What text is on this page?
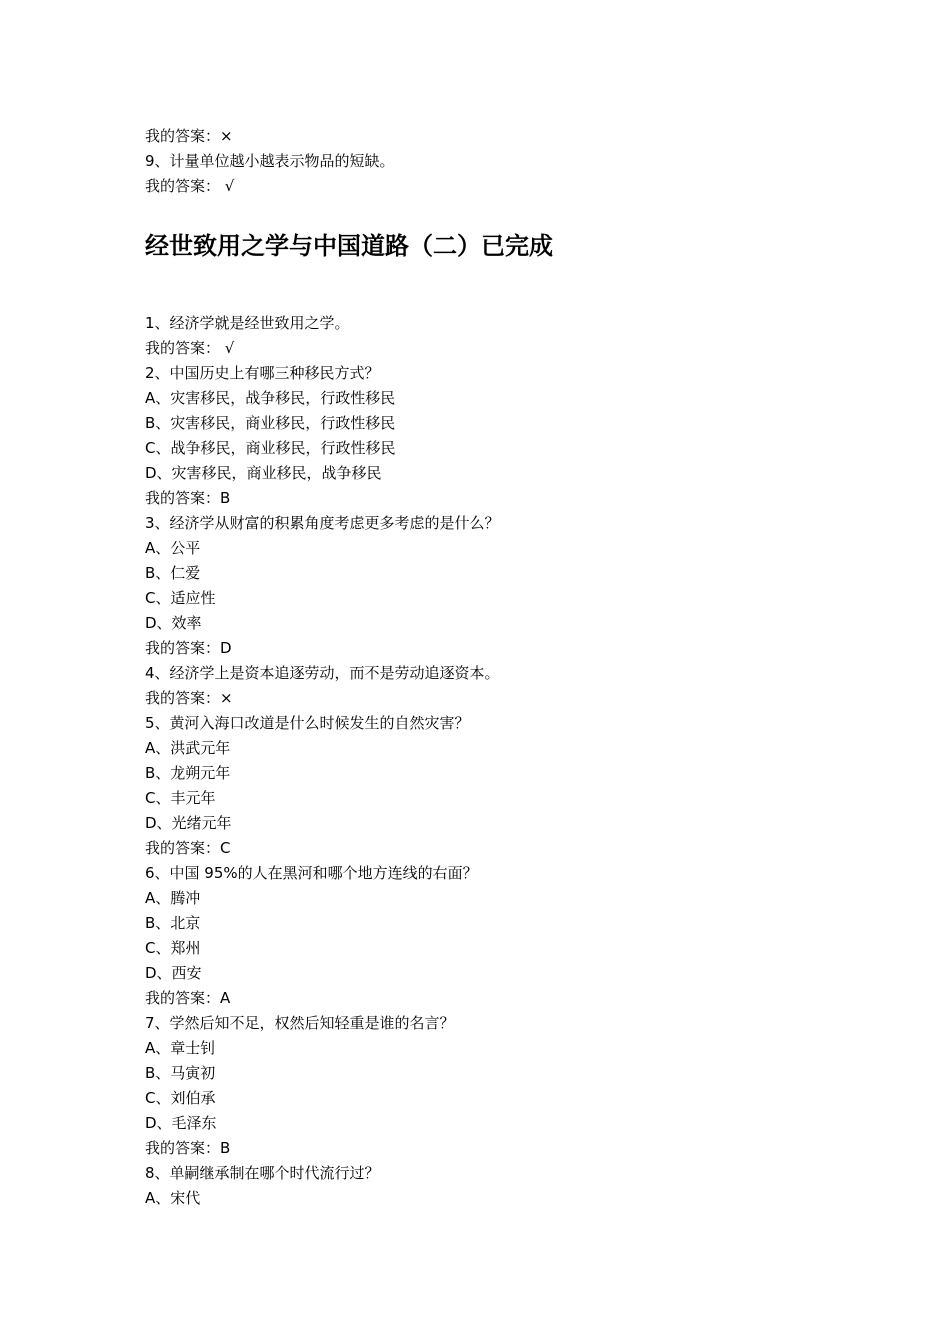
我的答案：×
9、计量单位越小越表示物品的短缺。
我的答案： √
经世致用之学与中国道路（二）已完成
1、经济学就是经世致用之学。
我的答案： √
2、中国历史上有哪三种移民方式？
A、灾害移民，战争移民，行政性移民
B、灾害移民，商业移民，行政性移民
C、战争移民，商业移民，行政性移民
D、灾害移民，商业移民，战争移民
我的答案：B
3、经济学从财富的积累角度考虑更多考虑的是什么？
A、公平
B、仁爱
C、适应性
D、效率
我的答案：D
4、经济学上是资本追逐劳动，而不是劳动追逐资本。
我的答案：×
5、黄河入海口改道是什么时候发生的自然灾害？
A、洪武元年
B、龙朔元年
C、丰元年
D、光绪元年
我的答案：C
6、中国 95%的人在黑河和哪个地方连线的右面？
A、腾冲
B、北京
C、郑州
D、西安
我的答案：A
7、学然后知不足，权然后知轻重是谁的名言？
A、章士钊
B、马寅初
C、刘伯承
D、毛泽东
我的答案：B
8、单嗣继承制在哪个时代流行过？
A、宋代
